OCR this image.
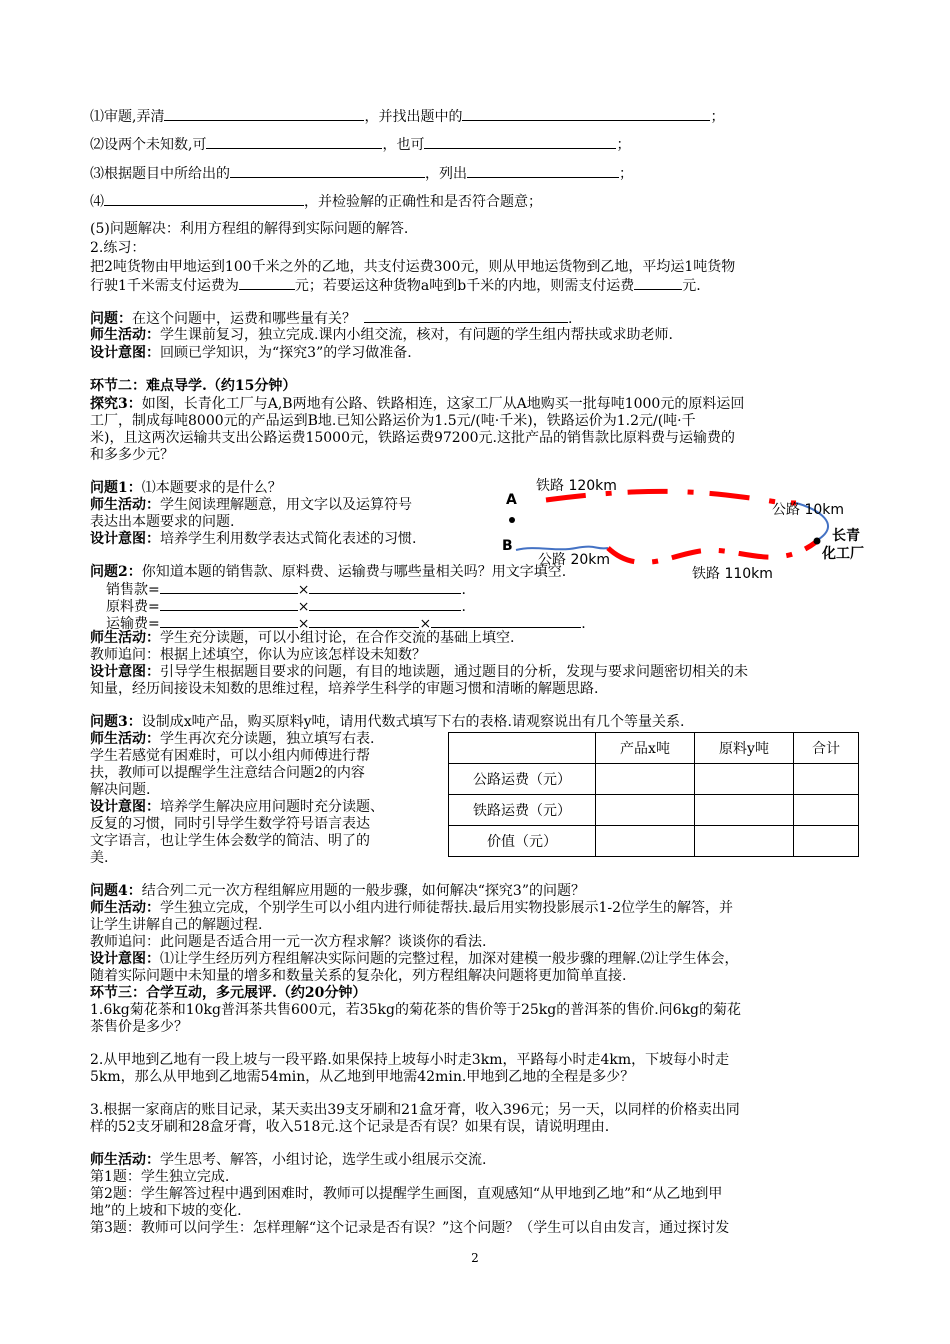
⑴审题,弄清	，并找出题中的	；
⑵设两个未知数,可	，也可	；
⑶根据题目中所给出的	，列出	；
⑷	，并检验解的正确性和是否符合题意；
(5)问题解决：利用方程组的解得到实际问题的解答.
2.练习：
把2吨货物由甲地运到100千米之外的乙地，共支付运费300元，则从甲地运货物到乙地，平均运1吨货物
行驶1千米需支付运费为	元；若要运这种货物a吨到b千米的内地，则需支付运费	元.
问题：在这个问题中，运费和哪些量有关？	.
师生活动：学生课前复习，独立完成.课内小组交流，核对，有问题的学生组内帮扶或求助老师.
设计意图：回顾已学知识，为“探究3”的学习做准备.
环节二：难点导学.（约15分钟）
探究3：如图，长青化工厂与A,B两地有公路、铁路相连，这家工厂从A地购买一批每吨1000元的原料运回
工厂，制成每吨8000元的产品运到B地.已知公路运价为1.5元/(吨·千米)，铁路运价为1.2元/(吨·千
米)，且这两次运输共支出公路运费15000元，铁路运费97200元.这批产品的销售款比原料费与运输费的
和多多少元？
问题1：⑴本题要求的是什么？
师生活动：学生阅读理解题意，用文字以及运算符号
表达出本题要求的问题.
设计意图：培养学生利用数学表达式简化表述的习惯.
A
B
铁路 120km
公路 10km
长青
化工厂
公路 20km
铁路 110km
问题2：你知道本题的销售款、原料费、运输费与哪些量相关吗？用文字填空.
销售款=	×	.
原料费=	×	.
运输费=	×	×	.
师生活动：学生充分读题，可以小组讨论，在合作交流的基础上填空.
教师追问：根据上述填空，你认为应该怎样设未知数？
设计意图：引导学生根据题目要求的问题，有目的地读题，通过题目的分析，发现与要求问题密切相关的未
知量，经历间接设未知数的思维过程，培养学生科学的审题习惯和清晰的解题思路.
问题3：设制成x吨产品，购买原料y吨，请用代数式填写下右的表格.请观察说出有几个等量关系.
师生活动：学生再次充分读题，独立填写右表.
学生若感觉有困难时，可以小组内师傅进行帮
扶，教师可以提醒学生注意结合问题2的内容
解决问题.
设计意图：培养学生解决应用问题时充分读题、
反复的习惯，同时引导学生数学符号语言表达
文字语言，也让学生体会数学的简洁、明了的
美.
	产品x吨	原料y吨	合计
公路运费（元）			
铁路运费（元）			
价值（元）			
问题4：结合列二元一次方程组解应用题的一般步骤，如何解决“探究3”的问题？
师生活动：学生独立完成，个别学生可以小组内进行师徒帮扶.最后用实物投影展示1-2位学生的解答，并
让学生讲解自己的解题过程.
教师追问：此问题是否适合用一元一次方程求解？谈谈你的看法.
设计意图：⑴让学生经历列方程组解决实际问题的完整过程，加深对建模一般步骤的理解.⑵让学生体会，
随着实际问题中未知量的增多和数量关系的复杂化，列方程组解决问题将更加简单直接.
环节三：合学互动，多元展评.（约20分钟）
1.6kg菊花茶和10kg普洱茶共售600元，若35kg的菊花茶的售价等于25kg的普洱茶的售价.问6kg的菊花
茶售价是多少？
2.从甲地到乙地有一段上坡与一段平路.如果保持上坡每小时走3km，平路每小时走4km，下坡每小时走
5km，那么从甲地到乙地需54min，从乙地到甲地需42min.甲地到乙地的全程是多少？
3.根据一家商店的账目记录，某天卖出39支牙刷和21盒牙膏，收入396元；另一天，以同样的价格卖出同
样的52支牙刷和28盒牙膏，收入518元.这个记录是否有误？如果有误，请说明理由.
师生活动：学生思考、解答，小组讨论，选学生或小组展示交流.
第1题：学生独立完成.
第2题：学生解答过程中遇到困难时，教师可以提醒学生画图，直观感知“从甲地到乙地”和“从乙地到甲
地”的上坡和下坡的变化.
第3题：教师可以问学生：怎样理解“这个记录是否有误？”这个问题？（学生可以自由发言，通过探讨发
2
